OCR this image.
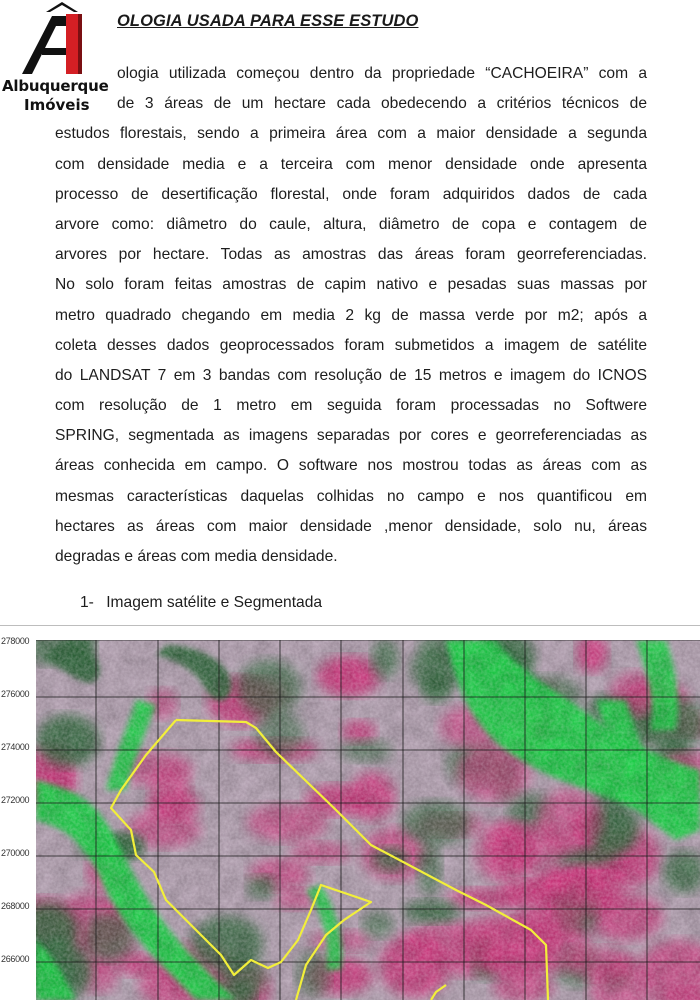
Albuquerque
Imóveis
OLOGIA USADA PARA ESSE ESTUDO
ologia utilizada começou dentro da propriedade “CACHOEIRA” com a
de 3 áreas de um hectare cada obedecendo a critérios técnicos de
estudos florestais, sendo a primeira área com a maior densidade a segunda
com densidade media e a terceira com menor densidade onde apresenta
processo de desertificação florestal, onde foram adquiridos dados de cada
arvore como: diâmetro do caule, altura, diâmetro de copa e contagem de
arvores por hectare. Todas as amostras das áreas foram georreferenciadas.
No solo foram feitas amostras de capim nativo e pesadas suas massas por
metro quadrado chegando em media 2 kg de massa verde por m2; após a
coleta desses dados geoprocessados foram submetidos a imagem de satélite
do LANDSAT 7 em 3 bandas com resolução de 15 metros e imagem do ICNOS
com resolução de 1 metro em seguida foram processadas no Softwere
SPRING, segmentada as imagens separadas por cores e georreferenciadas as
áreas conhecida em campo. O software nos mostrou todas as áreas com as
mesmas características daquelas colhidas no campo e nos quantificou em
hectares as áreas com maior densidade ,menor densidade, solo nu, áreas
degradas e áreas com media densidade.
1- Imagem satélite e Segmentada
278000
276000
274000
272000
270000
268000
266000
